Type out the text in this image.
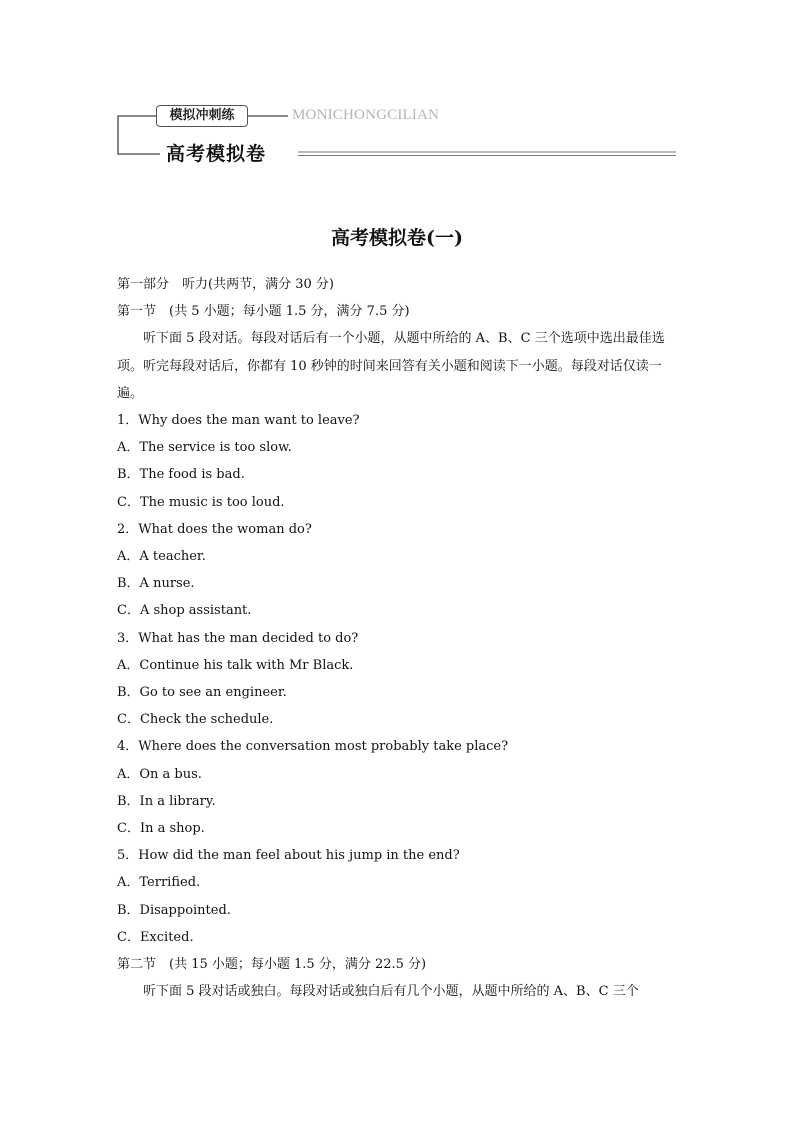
模拟冲刺练	MONICHONGCILIAN
高考模拟卷
高考模拟卷(一)

第一部分　听力(共两节，满分 30 分)

第一节　(共 5 小题；每小题 1.5 分，满分 7.5 分)

听下面 5 段对话。每段对话后有一个小题，从题中所给的 A、B、C 三个选项中选出最佳选项。听完每段对话后，你都有 10 秒钟的时间来回答有关小题和阅读下一小题。每段对话仅读一遍。

1．Why does the man want to leave?

A．The service is too slow.

B．The food is bad.

C．The music is too loud.

2．What does the woman do?

A．A teacher.

B．A nurse.

C．A shop assistant.

3．What has the man decided to do?

A．Continue his talk with Mr Black.

B．Go to see an engineer.

C．Check the schedule.

4．Where does the conversation most probably take place?

A．On a bus.

B．In a library.

C．In a shop.

5．How did the man feel about his jump in the end?

A．Terrified.

B．Disappointed.

C．Excited.

第二节　(共 15 小题；每小题 1.5 分，满分 22.5 分)

听下面 5 段对话或独白。每段对话或独白后有几个小题，从题中所给的 A、B、C 三个
